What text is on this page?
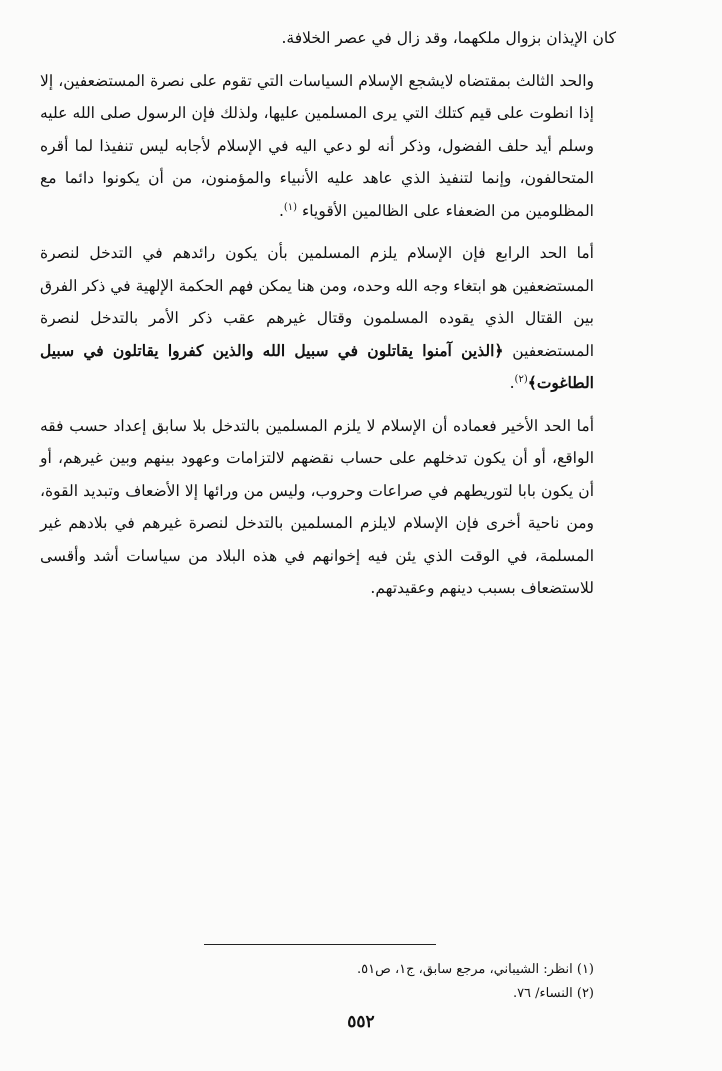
كان الإيذان بزوال ملكهما، وقد زال في عصر الخلافة.

والحد الثالث بمقتضاه لايشجع الإسلام السياسات التي تقوم على نصرة المستضعفين، إلا إذا انطوت على قيم كتلك التي يرى المسلمين عليها، ولذلك فإن الرسول صلى الله عليه وسلم أيد حلف الفضول، وذكر أنه لو دعي اليه في الإسلام لأجابه ليس تنفيذا لما أقره المتحالفون، وإنما لتنفيذ الذي عاهد عليه الأنبياء والمؤمنون، من أن يكونوا دائما مع المظلومين من الضعفاء على الظالمين الأقوياء $^{(١)}$.

أما الحد الرابع فإن الإسلام يلزم المسلمين بأن يكون رائدهم في التدخل لنصرة المستضعفين هو ابتغاء وجه الله وحده، ومن هنا يمكن فهم الحكمة الإلهية في ذكر الفرق بين القتال الذي يقوده المسلمون وقتال غيرهم عقب ذكر الأمر بالتدخل لنصرة المستضعفين ﴿الذين آمنوا يقاتلون في سبيل الله والذين كفروا يقاتلون في سبيل الطاغوت﴾$^{(٢)}$.

أما الحد الأخير فعماده أن الإسلام لا يلزم المسلمين بالتدخل بلا سابق إعداد حسب فقه الواقع، أو أن يكون تدخلهم على حساب نقضهم لالتزامات وعهود بينهم وبين غيرهم، أو أن يكون بابا لتوريطهم في صراعات وحروب، وليس من ورائها إلا الأضعاف وتبديد القوة، ومن ناحية أخرى فإن الإسلام لايلزم المسلمين بالتدخل لنصرة غيرهم في بلادهم غير المسلمة، في الوقت الذي يئن فيه إخوانهم في هذه البلاد من سياسات أشد وأقسى للاستضعاف بسبب دينهم وعقيدتهم.

(١) انظر: الشيباني، مرجع سابق، ج١، ص٥١.
(٢) النساء/ ٧٦.
٥٥٢
